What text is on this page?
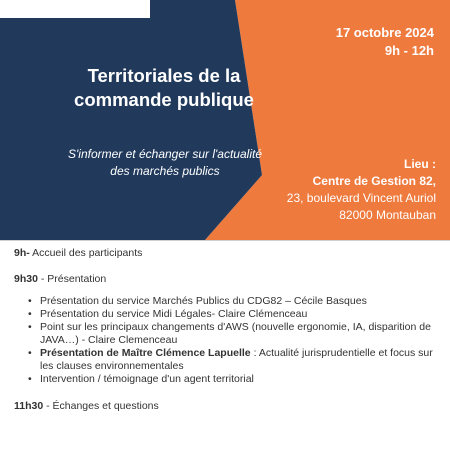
17 octobre 2024
9h - 12h
Territoriales de la
commande publique
S'informer et échanger sur l'actualité
des marchés publics	Lieu :
Centre de Gestion 82,
23, boulevard Vincent Auriol
82000 Montauban
9h- Accueil des participants
9h30 - Présentation
• Présentation du service Marchés Publics du CDG82 – Cécile Basques
• Présentation du service Midi Légales- Claire Clémenceau
• Point sur les principaux changements d'AWS (nouvelle ergonomie, IA, disparition de JAVA…) - Claire Clemenceau
• Présentation de Maître Clémence Lapuelle : Actualité jurisprudentielle et focus sur les clauses environnementales
• Intervention / témoignage d'un agent territorial
11h30 - Échanges et questions
